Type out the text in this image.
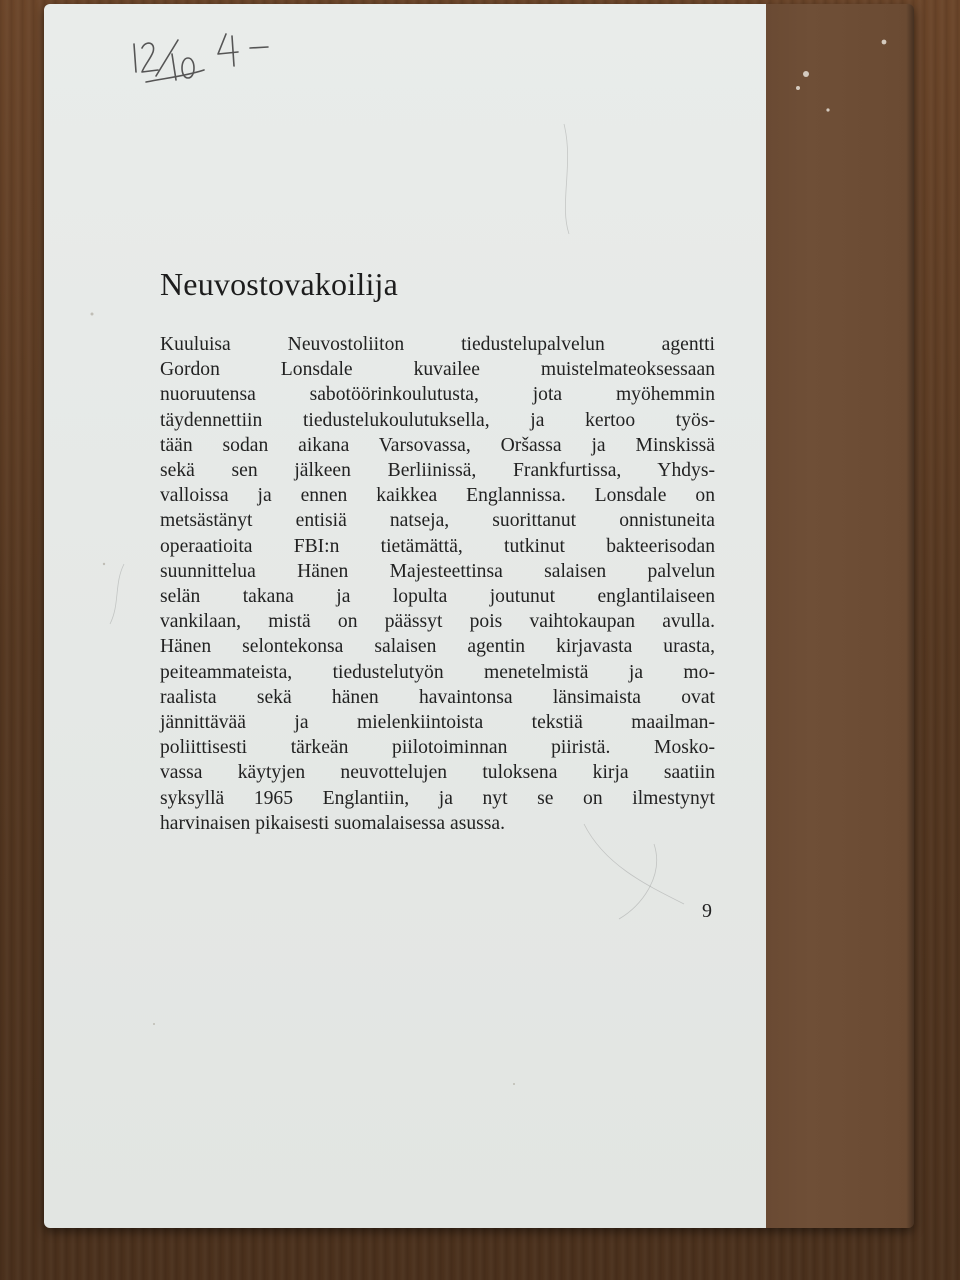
Neuvostovakoilija

Kuuluisa Neuvostoliiton tiedustelupalvelun agentti
Gordon Lonsdale kuvailee muistelmateoksessaan
nuoruutensa sabotöörinkoulutusta, jota myöhemmin
täydennettiin tiedustelukoulutuksella, ja kertoo työs-
tään sodan aikana Varsovassa, Oršassa ja Minskissä
sekä sen jälkeen Berliinissä, Frankfurtissa, Yhdys-
valloissa ja ennen kaikkea Englannissa. Lonsdale on
metsästänyt entisiä natseja, suorittanut onnistuneita
operaatioita FBI:n tietämättä, tutkinut bakteerisodan
suunnittelua Hänen Majesteettinsa salaisen palvelun
selän takana ja lopulta joutunut englantilaiseen
vankilaan, mistä on päässyt pois vaihtokaupan avulla.
Hänen selontekonsa salaisen agentin kirjavasta urasta,
peiteammateista, tiedustelutyön menetelmistä ja mo-
raalista sekä hänen havaintonsa länsimaista ovat
jännittävää ja mielenkiintoista tekstiä maailman-
poliittisesti tärkeän piilotoiminnan piiristä. Mosko-
vassa käytyjen neuvottelujen tuloksena kirja saatiin
syksyllä 1965 Englantiin, ja nyt se on ilmestynyt
harvinaisen pikaisesti suomalaisessa asussa.

9
